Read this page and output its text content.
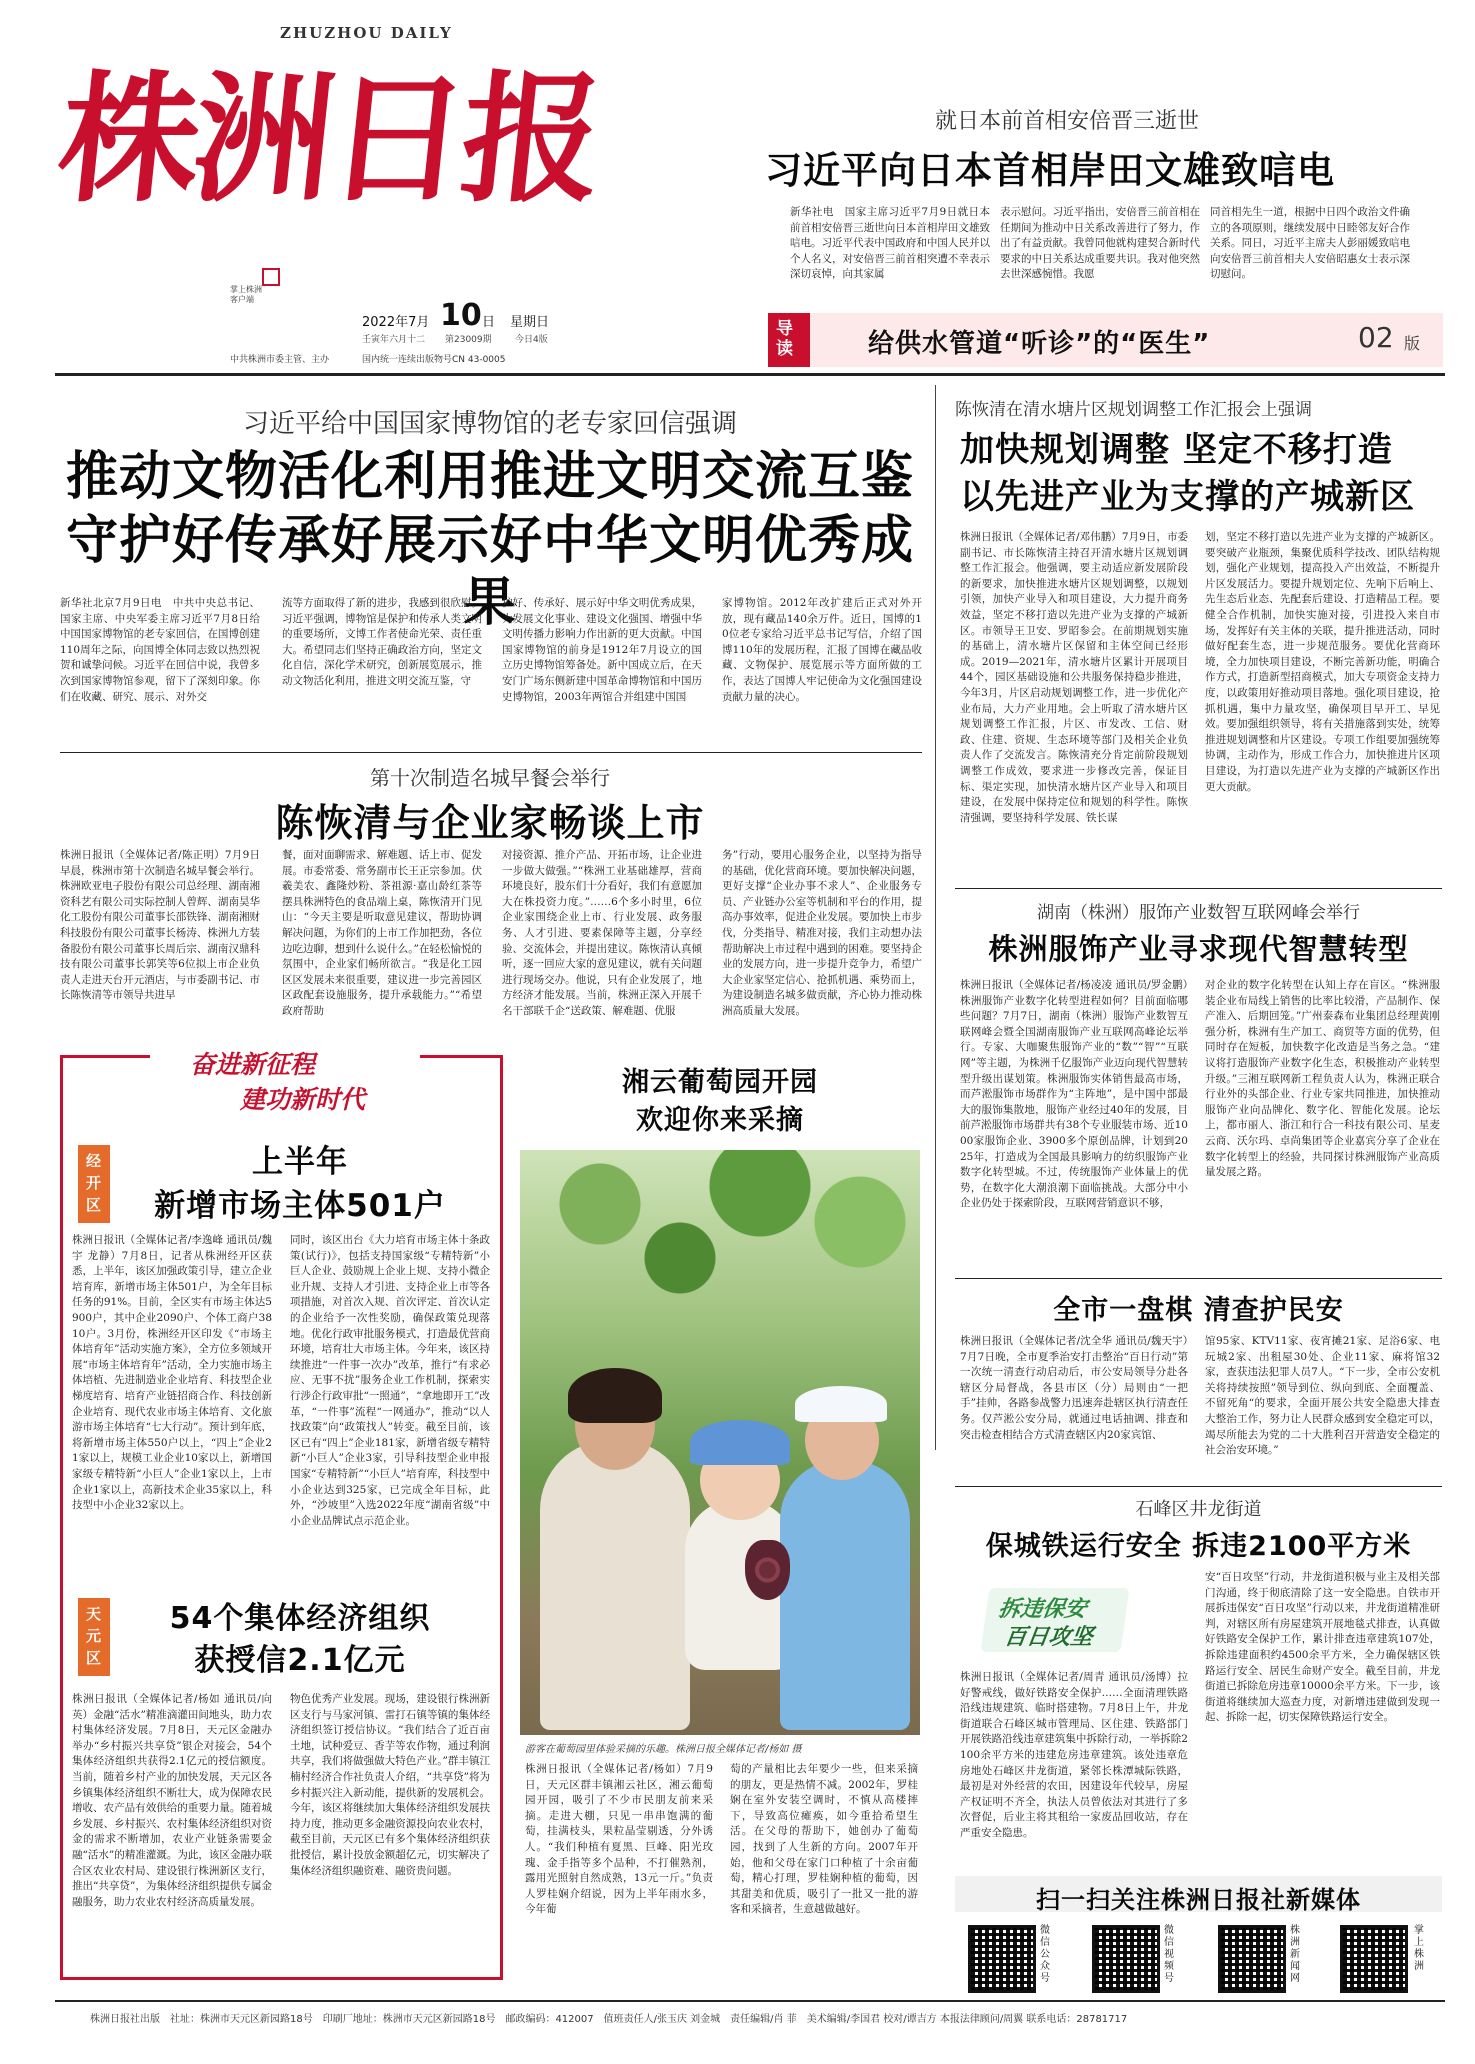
ZHUZHOU DAILY
株洲日报
掌上株洲
客户端
2022年7月 10 日 星期日
壬寅年六月十二 第23009期	今日4版
中共株洲市委主管、主办	国内统一连续出版物号CN 43-0005
就日本前首相安倍晋三逝世
习近平向日本首相岸田文雄致唁电
新华社电　国家主席习近平7月9日就日本前首相安倍晋三逝世向日本首相岸田文雄致唁电。习近平代表中国政府和中国人民并以个人名义，对安倍晋三前首相突遭不幸表示深切哀悼，向其家属
表示慰问。习近平指出，安倍晋三前首相在任期间为推动中日关系改善进行了努力，作出了有益贡献。我曾同他就构建契合新时代要求的中日关系达成重要共识。我对他突然去世深感惋惜。我愿
同首相先生一道，根据中日四个政治文件确立的各项原则，继续发展中日睦邻友好合作关系。同日，习近平主席夫人彭丽媛致唁电向安倍晋三前首相夫人安倍昭惠女士表示深切慰问。
导读	给供水管道“听诊”的“医生”	02 版
习近平给中国国家博物馆的老专家回信强调
推动文物活化利用推进文明交流互鉴
守护好传承好展示好中华文明优秀成果
新华社北京7月9日电　中共中央总书记、国家主席、中央军委主席习近平7月8日给中国国家博物馆的老专家回信，在国博创建110周年之际，向国博全体同志致以热烈祝贺和诚挚问候。习近平在回信中说，我曾多次到国家博物馆参观，留下了深刻印象。你们在收藏、研究、展示、对外交
流等方面取得了新的进步，我感到很欣慰。习近平强调，博物馆是保护和传承人类文明的重要场所，文博工作者使命光荣、责任重大。希望同志们坚持正确政治方向，坚定文化自信，深化学术研究，创新展览展示，推动文物活化利用，推进文明交流互鉴，守
护好、传承好、展示好中华文明优秀成果，为发展文化事业、建设文化强国、增强中华文明传播力影响力作出新的更大贡献。中国国家博物馆的前身是1912年7月设立的国立历史博物馆筹备处。新中国成立后，在天安门广场东侧新建中国革命博物馆和中国历史博物馆，2003年两馆合并组建中国国
家博物馆。2012年改扩建后正式对外开放，现有藏品140余万件。近日，国博的10位老专家给习近平总书记写信，介绍了国博110年的发展历程，汇报了国博在藏品收藏、文物保护、展览展示等方面所做的工作，表达了国博人牢记使命为文化强国建设贡献力量的决心。
第十次制造名城早餐会举行
陈恢清与企业家畅谈上市
株洲日报讯（全媒体记者/陈正明）7月9日早晨，株洲市第十次制造名城早餐会举行。株洲欧亚电子股份有限公司总经理、湖南湘资科艺有限公司实际控制人曾辉、湖南昊华化工股份有限公司董事长邵铁锋、湖南湘财科技股份有限公司董事长杨涛、株洲九方装备股份有限公司董事长周后宗、湖南汉鼎科技有限公司董事长郭笑等6位拟上市企业负责人走进天台开元酒店，与市委副书记、市长陈恢清等市领导共进早
餐，面对面聊需求、解难题、话上市、促发展。市委常委、常务副市长王正宗参加。伏羲美农、鑫隆炒粉、茶祖源·嘉山龄红茶等摆具株洲特色的食品端上桌，陈恢清开门见山：“今天主要是听取意见建议，帮助协调解决问题，为你们的上市工作加把劲，各位边吃边聊，想到什么说什么。”在轻松愉悦的氛围中，企业家们畅所欲言。“我是化工园区区发展未来很重要，建议进一步完善园区区政配套设施服务，提升承载能力。”“希望政府帮助
对接资源、推介产品、开拓市场，让企业进一步做大做强。”“株洲工业基础雄厚，营商环境良好，股东们十分看好，我们有意愿加大在株投资力度。”……6个多小时里，6位企业家围绕企业上市、行业发展、政务服务、人才引进、要素保障等主题，分享经验、交流体会，并提出建议。陈恢清认真倾听，逐一回应大家的意见建议，就有关问题进行现场交办。他说，只有企业发展了，地方经济才能发展。当前，株洲正深入开展千名干部联千企“送政策、解难题、优服
务”行动，要用心服务企业，以坚持为指导的基础，优化营商环境。要加快解决问题，更好支撑“企业办事不求人”、企业服务专员、产业链办公室等机制和平台的作用，提高办事效率，促进企业发展。要加快上市步伐，分类指导、精准对接，我们主动想办法帮助解决上市过程中遇到的困难。要坚持企业的发展方向，进一步提升竞争力，希望广大企业家坚定信心、抢抓机遇、乘势而上，为建设制造名城多做贡献，齐心协力推动株洲高质量大发展。
陈恢清在清水塘片区规划调整工作汇报会上强调
加快规划调整 坚定不移打造
以先进产业为支撑的产城新区
株洲日报讯（全媒体记者/邓伟鹏）7月9日，市委副书记、市长陈恢清主持召开清水塘片区规划调整工作汇报会。他强调，要主动适应新发展阶段的新要求，加快推进水塘片区规划调整，以规划引领，加快产业导入和项目建设，大力提升商务效益，坚定不移打造以先进产业为支撑的产城新区。市领导王卫安、罗昭参会。在前期规划实施的基础上，清水塘片区保留和主体空间已经形成。2019—2021年，清水塘片区累计开展项目44个，园区基础设施和公共服务保持稳步推进，今年3月，片区启动规划调整工作，进一步优化产业布局，大力产业用地。会上听取了清水塘片区规划调整工作汇报，片区、市发改、工信、财政、住建、资规、生态环境等部门及相关企业负责人作了交流发言。陈恢清充分肯定前阶段规划调整工作成效，要求进一步修改完善，保证目标、渠定实现，加快清水塘片区产业导入和项目建设，在发展中保持定位和规划的科学性。陈恢清强调，要坚持科学发展、铁长谋
划，坚定不移打造以先进产业为支撑的产城新区。要突破产业瓶颈，集聚优质科学技改、团队结构规划，强化产业规划，提高投入产出效益，不断提升片区发展活力。要提升规划定位、先响下后响上、先生态后业态、先配套后建设、打造精品工程。要健全合作机制，加快实施对接，引进投入来自市场，发挥好有关主体的关联，提升推进活动，同时做好配套生态，进一步规范服务。要优化营商环境，全力加快项目建设，不断完善新功能，明确合作方式，打造新型招商模式，加大专项资金支持力度，以政策用好推动项目落地。强化项目建设，抢抓机遇，集中力量攻坚，确保项目早开工、早见效。要加强组织领导，将有关措施落到实处，统筹推进规划调整和片区建设。专项工作组要加强统筹协调，主动作为，形成工作合力，加快推进片区项目建设，为打造以先进产业为支撑的产城新区作出更大贡献。
湖南（株洲）服饰产业数智互联网峰会举行
株洲服饰产业寻求现代智慧转型
株洲日报讯（全媒体记者/杨凌凌 通讯员/罗金鹏）株洲服饰产业数字化转型进程如何？目前面临哪些问题？7月7日，湖南（株洲）服饰产业数智互联网峰会暨全国湖南服饰产业互联网高峰论坛举行。专家、大咖聚焦服饰产业的“数”“智”“互联网”等主题，为株洲千亿服饰产业迈向现代智慧转型升级出谋划策。株洲服饰实体销售最高市场，而芦淞服饰市场群作为“主阵地”，是中国中部最大的服饰集散地，服饰产业经过40年的发展，目前芦淞服饰市场群共有38个专业服装市场、近1000家服饰企业、3900多个原创品牌，计划到2025年，打造成为全国最具影响力的纺织服饰产业数字化转型城。不过，传统服饰产业体量上的优势，在数字化大潮浪潮下面临挑战。大部分中小企业仍处于探索阶段，互联网营销意识不够，
对企业的数字化转型在认知上存在盲区。“株洲服装企业布局线上销售的比率比较滑，产品制作、保产准入、后期回笼。”广州泰森布业集团总经理黄刚强分析，株洲有生产加工、商贸等方面的优势，但同时存在短板，加快数字化改造是当务之急。“建议将打造服饰产业数字化生态，积极推动产业转型升级。”三湘互联网新工程负责人认为，株洲正联合行业外的头部企业、行业专家共同推进，加快推动服饰产业向品牌化、数字化、智能化发展。论坛上，都市丽人、浙江和行合一科技有限公司、星麦云商、沃尔玛、卓尚集团等企业嘉宾分享了企业在数字化转型上的经验，共同探讨株洲服饰产业高质量发展之路。
全市一盘棋 清查护民安
株洲日报讯（全媒体记者/沈全华 通讯员/魏天宇）7月7日晚，全市夏季治安打击整治“百日行动”第一次统一清查行动启动后，市公安局领导分赴各辖区分局督战，各县市区（分）局则由“一把手”挂帅，各路参战警力迅速奔赴辖区执行清查任务。仅芦淞公安分局，就通过电话抽调、排查和突击检查相结合方式清查辖区内20家宾馆、
馆95家、KTV11家、夜宵摊21家、足浴6家、电玩城2家、出租屋30处、企业11家、麻将馆32家，查获违法犯罪人员7人。“下一步，全市公安机关将持续按照”领导到位、纵向到底、全面覆盖、不留死角“的要求，全面开展公共安全隐患大排查大整治工作，努力让人民群众感到安全稳定可以，竭尽所能去为党的二十大胜利召开营造安全稳定的社会治安环境。”
石峰区井龙街道
保城铁运行安全 拆违2100平方米
拆违保安
百日攻坚
株洲日报讯（全媒体记者/周青 通讯员/汤博）拉好警戒线，做好铁路安全保护……全面清理铁路沿线违规建筑、临时搭建物。7月8日上午，井龙街道联合石峰区城市管理局、区住建、铁路部门开展铁路沿线违章建筑集中拆除行动，一举拆除2100余平方米的违建危房违章建筑。该处违章危房地处石峰区井龙街道，紧邻长株潭城际铁路，最初是对外经营的农田，因建设年代较早，房屋产权证明不齐全，执法人员曾依法对其进行了多次督促，后业主将其租给一家废品回收站，存在严重安全隐患。
安“百日攻坚”行动，井龙街道积极与业主及相关部门沟通，终于彻底清除了这一安全隐患。自铁市开展拆违保安“百日攻坚”行动以来，井龙街道精准研判，对辖区所有房屋建筑开展地毯式排查，认真做好铁路安全保护工作，累计排查违章建筑107处，拆除违建面积约4500余平方米，全力确保辖区铁路运行安全、居民生命财产安全。截至目前，井龙街道已拆除危房违章10000余平方米。下一步，该街道将继续加大巡查力度，对新增违建做到发现一起、拆除一起，切实保障铁路运行安全。
扫一扫关注株洲日报社新媒体
微信公众号
微信视频号
株洲新闻网
掌上株洲
奋进新征程
建功新时代
经开区
上半年
新增市场主体501户
株洲日报讯（全媒体记者/李逸峰 通讯员/魏宇 龙静）7月8日，记者从株洲经开区获悉，上半年，该区加强政策引导，建立企业培育库，新增市场主体501户，为全年目标任务的91%。目前，全区实有市场主体达5900户，其中企业2090户、个体工商户3810户。3月份，株洲经开区印发《“市场主体培育年”活动实施方案》，全方位多领域开展“市场主体培育年”活动，全力实施市场主体培植、先进制造业企业培育、科技型企业梯度培育、培育产业链招商合作、科技创新企业培育、现代农业市场主体培育、文化旅游市场主体培育“七大行动”。预计到年底，将新增市场主体550户以上，“四上”企业21家以上，规模工业企业10家以上，新增国家级专精特新“小巨人”企业1家以上，上市企业1家以上，高新技术企业35家以上，科技型中小企业32家以上。
同时，该区出台《大力培育市场主体十条政策(试行)》，包括支持国家级“专精特新”小巨人企业、鼓励规上企业上规、支持小微企业升规、支持人才引进、支持企业上市等各项措施，对首次入规、首次评定、首次认定的企业给予一次性奖励，确保政策兑现落地。优化行政审批服务模式，打造最优营商环境，培育壮大市场主体。今年来，该区持续推进“一件事一次办”改革，推行“有求必应、无事不扰”服务企业工作机制，探索实行涉企行政审批“一照通”，“拿地即开工”改革，“一件事”流程“一网通办”，推动“以人找政策”向“政策找人”转变。截至目前，该区已有“四上”企业181家，新增省级专精特新“小巨人”企业3家，引导科技型企业申报国家“专精特新”“小巨人”培育库，科技型中小企业达到325家，已完成全年目标，此外，“沙坡里”入选2022年度“湖南省级”中小企业品牌试点示范企业。
天元区
54个集体经济组织
获授信2.1亿元
株洲日报讯（全媒体记者/杨如 通讯员/向英）金融“活水”精准滴灌田间地头，助力农村集体经济发展。7月8日，天元区金融办举办“乡村振兴共享贷”银企对接会，54个集体经济组织共获得2.1亿元的授信额度。当前，随着乡村产业的加快发展，天元区各乡镇集体经济组织不断壮大，成为保障农民增收、农产品有效供给的重要力量。随着城乡发展、乡村振兴、农村集体经济组织对资金的需求不断增加，农业产业链条需要金融“活水”的精准灌溉。为此，该区金融办联合区农业农村局、建设银行株洲新区支行，推出“共享贷”，为集体经济组织提供专属金融服务，助力农业农村经济高质量发展。
物色优秀产业发展。现场，建设银行株洲新区支行与马家河镇、雷打石镇等镇的集体经济组织签订授信协议。“我们结合了近百亩土地，试种爱豆、香芋等农作物，通过利润共享，我们将做强做大特色产业。”群丰镇江楠村经济合作社负责人介绍，“共享贷”将为乡村振兴注入新动能，提供新的发展机会。今年，该区将继续加大集体经济组织发展扶持力度，推动更多金融资源投向农业农村，截至目前，天元区已有多个集体经济组织获批授信，累计投放金额超亿元，切实解决了集体经济组织融资难、融资贵问题。
湘云葡萄园开园
欢迎你来采摘
游客在葡萄园里体验采摘的乐趣。株洲日报全媒体记者/杨如 摄
株洲日报讯（全媒体记者/杨如）7月9日，天元区群丰镇湘云社区，湘云葡萄园开园，吸引了不少市民朋友前来采摘。走进大棚，只见一串串饱满的葡萄，挂满枝头，果粒晶莹剔透，分外诱人。“我们种植有夏黑、巨峰、阳光玫瑰、金手指等多个品种，不打催熟剂，露用光照射自然成熟，13元一斤。”负责人罗桂娴介绍说，因为上半年雨水多，今年葡
萄的产量相比去年要少一些，但来采摘的朋友，更是热情不减。2002年，罗桂娴在室外安装空调时，不慎从高楼摔下，导致高位瘫痪，如今重拾希望生活。在父母的帮助下，她创办了葡萄园，找到了人生新的方向。2007年开始，他和父母在家门口种植了十余亩葡萄，精心打理，罗桂娴种植的葡萄，因其甜美和优质，吸引了一批又一批的游客和采摘者，生意越做越好。
株洲日报社出版　社址：株洲市天元区新园路18号　印刷厂地址：株洲市天元区新园路18号　邮政编码：412007　值班责任人/张玉庆 刘金城　责任编辑/肖 菲　美术编辑/李国君 校对/谭吉方 本报法律顾问/周翼 联系电话：28781717
